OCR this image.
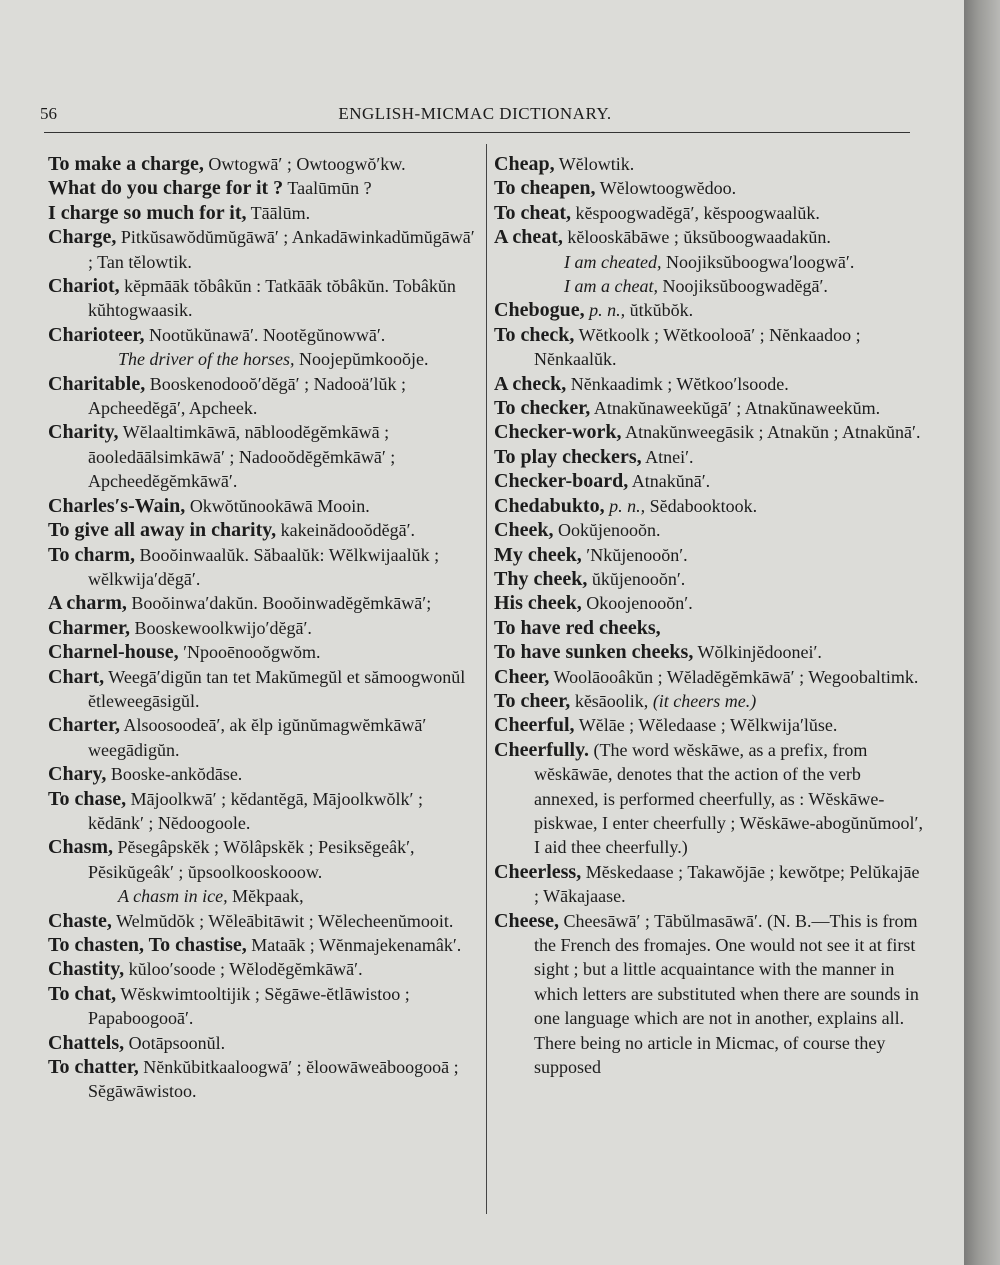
56	ENGLISH-MICMAC DICTIONARY.

To make a charge, Owtogwā′ ; Owtoogwŏ′kw.

What do you charge for it ? Taalūmūn ?

I charge so much for it, Tāālūm.

Charge, Pitkŭsawŏdŭmŭgāwā′ ; Ankadāwinkadŭmŭgāwā′ ; Tan tĕlowtik.

Chariot, kĕpmāāk tŏbâkŭn : Tatkāāk tŏbâkŭn. Tobâkŭn kŭhtogwaasik.

Charioteer, Nootŭkŭnawā′. Nootĕgŭnowwā′.

The driver of the horses, Noojepŭmkooŏje.

Charitable, Booskenodooŏ′dĕgā′ ; Nadooä′lŭk ; Apcheedĕgā′, Apcheek.

Charity, Wĕlaaltimkāwā, nābloodĕgĕmkāwā ; āooledāālsimkāwā′ ; Nadooŏdĕgĕmkāwā′ ; Apcheedĕgĕmkāwā′.

Charles′s-Wain, Okwŏtŭnookāwā Mooin.

To give all away in charity, kakeinădooŏdĕgā′.

To charm, Booŏinwaalŭk. Săbaalŭk: Wĕlkwijaalŭk ; wĕlkwija′dĕgā′.

A charm, Booŏinwa′dakŭn. Booŏinwadĕgĕmkāwā′;

Charmer, Booskewoolkwijo′dĕgā′.

Charnel-house, ′Npooēnooŏgwŏm.

Chart, Weegā′digŭn tan tet Makŭmegŭl et sămoogwonŭl ĕtleweegāsigŭl.

Charter, Alsoosoodeā′, ak ĕlp igŭnŭmagwĕmkāwā′ weegādigŭn.

Chary, Booske-ankŏdāse.

To chase, Mājoolkwā′ ; kĕdantĕgā, Mājoolkwŏlk′ ; kĕdānk′ ; Nĕdoogoole.

Chasm, Pĕsegâpskĕk ; Wŏlâpskĕk ; Pesiksĕgeâk′, Pĕsikŭgeâk′ ; ŭpsoolkooskooow.

A chasm in ice, Mĕkpaak,

Chaste, Welmŭdŏk ; Wĕleābitāwit ; Wĕlecheenŭmooit.

To chasten, To chastise, Mataāk ; Wĕnmajekenamâk′.

Chastity, kŭloo′soode ; Wĕlodĕgĕmkāwā′.

To chat, Wĕskwimtooltijik ; Sĕgāwe-ĕtlāwistoo ; Papaboogooā′.

Chattels, Ootāpsoonŭl.

To chatter, Nĕnkŭbitkaaloogwā′ ; ĕloowāweāboogooā ; Sĕgāwāwistoo.

Cheap, Wĕlowtik.

To cheapen, Wĕlowtoogwĕdoo.

To cheat, kĕspoogwadĕgā′, kĕspoogwaalŭk.

A cheat, kĕlooskābāwe ; ŭksŭboogwaadakŭn.

I am cheated, Noojiksŭboogwa′loogwā′.

I am a cheat, Noojiksŭboogwadĕgā′.

Chebogue, p. n., ŭtkŭbŏk.

To check, Wĕtkoolk ; Wĕtkoolooā′ ; Nĕnkaadoo ; Nĕnkaalŭk.

A check, Nĕnkaadimk ; Wĕtkoo′lsoode.

To checker, Atnakŭnaweekŭgā′ ; Atnakŭnaweekŭm.

Checker-work, Atnakŭnweegāsik ; Atnakŭn ; Atnakŭnā′.

To play checkers, Atnei′.

Checker-board, Atnakŭnā′.

Chedabukto, p. n., Sĕdabooktook.

Cheek, Ookŭjenooŏn.

My cheek, ′Nkŭjenooŏn′.

Thy cheek, ŭkŭjenooŏn′.

His cheek, Okoojenooŏn′.

To have red cheeks,

To have sunken cheeks, Wŏlkinjĕdoonei′.

Cheer, Woolāooâkŭn ; Wĕladĕgĕmkāwā′ ; Wegoobaltimk.

To cheer, kĕsāoolik, (it cheers me.)

Cheerful, Wĕlāe ; Wĕledaase ; Wĕlkwija′lŭse.

Cheerfully. (The word wĕskāwe, as a prefix, from wĕskāwāe, denotes that the action of the verb annexed, is performed cheerfully, as : Wĕskāwe-piskwae, I enter cheerfully ; Wĕskāwe-abogŭnŭmool′, I aid thee cheerfully.)

Cheerless, Mĕskedaase ; Takawŏjāe ; kewŏtpe; Pelŭkajāe ; Wākajaase.

Cheese, Cheesāwā′ ; Tābŭlmasāwā′. (N. B.—This is from the French des fromajes. One would not see it at first sight ; but a little acquaintance with the manner in which letters are substituted when there are sounds in one language which are not in another, explains all. There being no article in Micmac, of course they supposed
